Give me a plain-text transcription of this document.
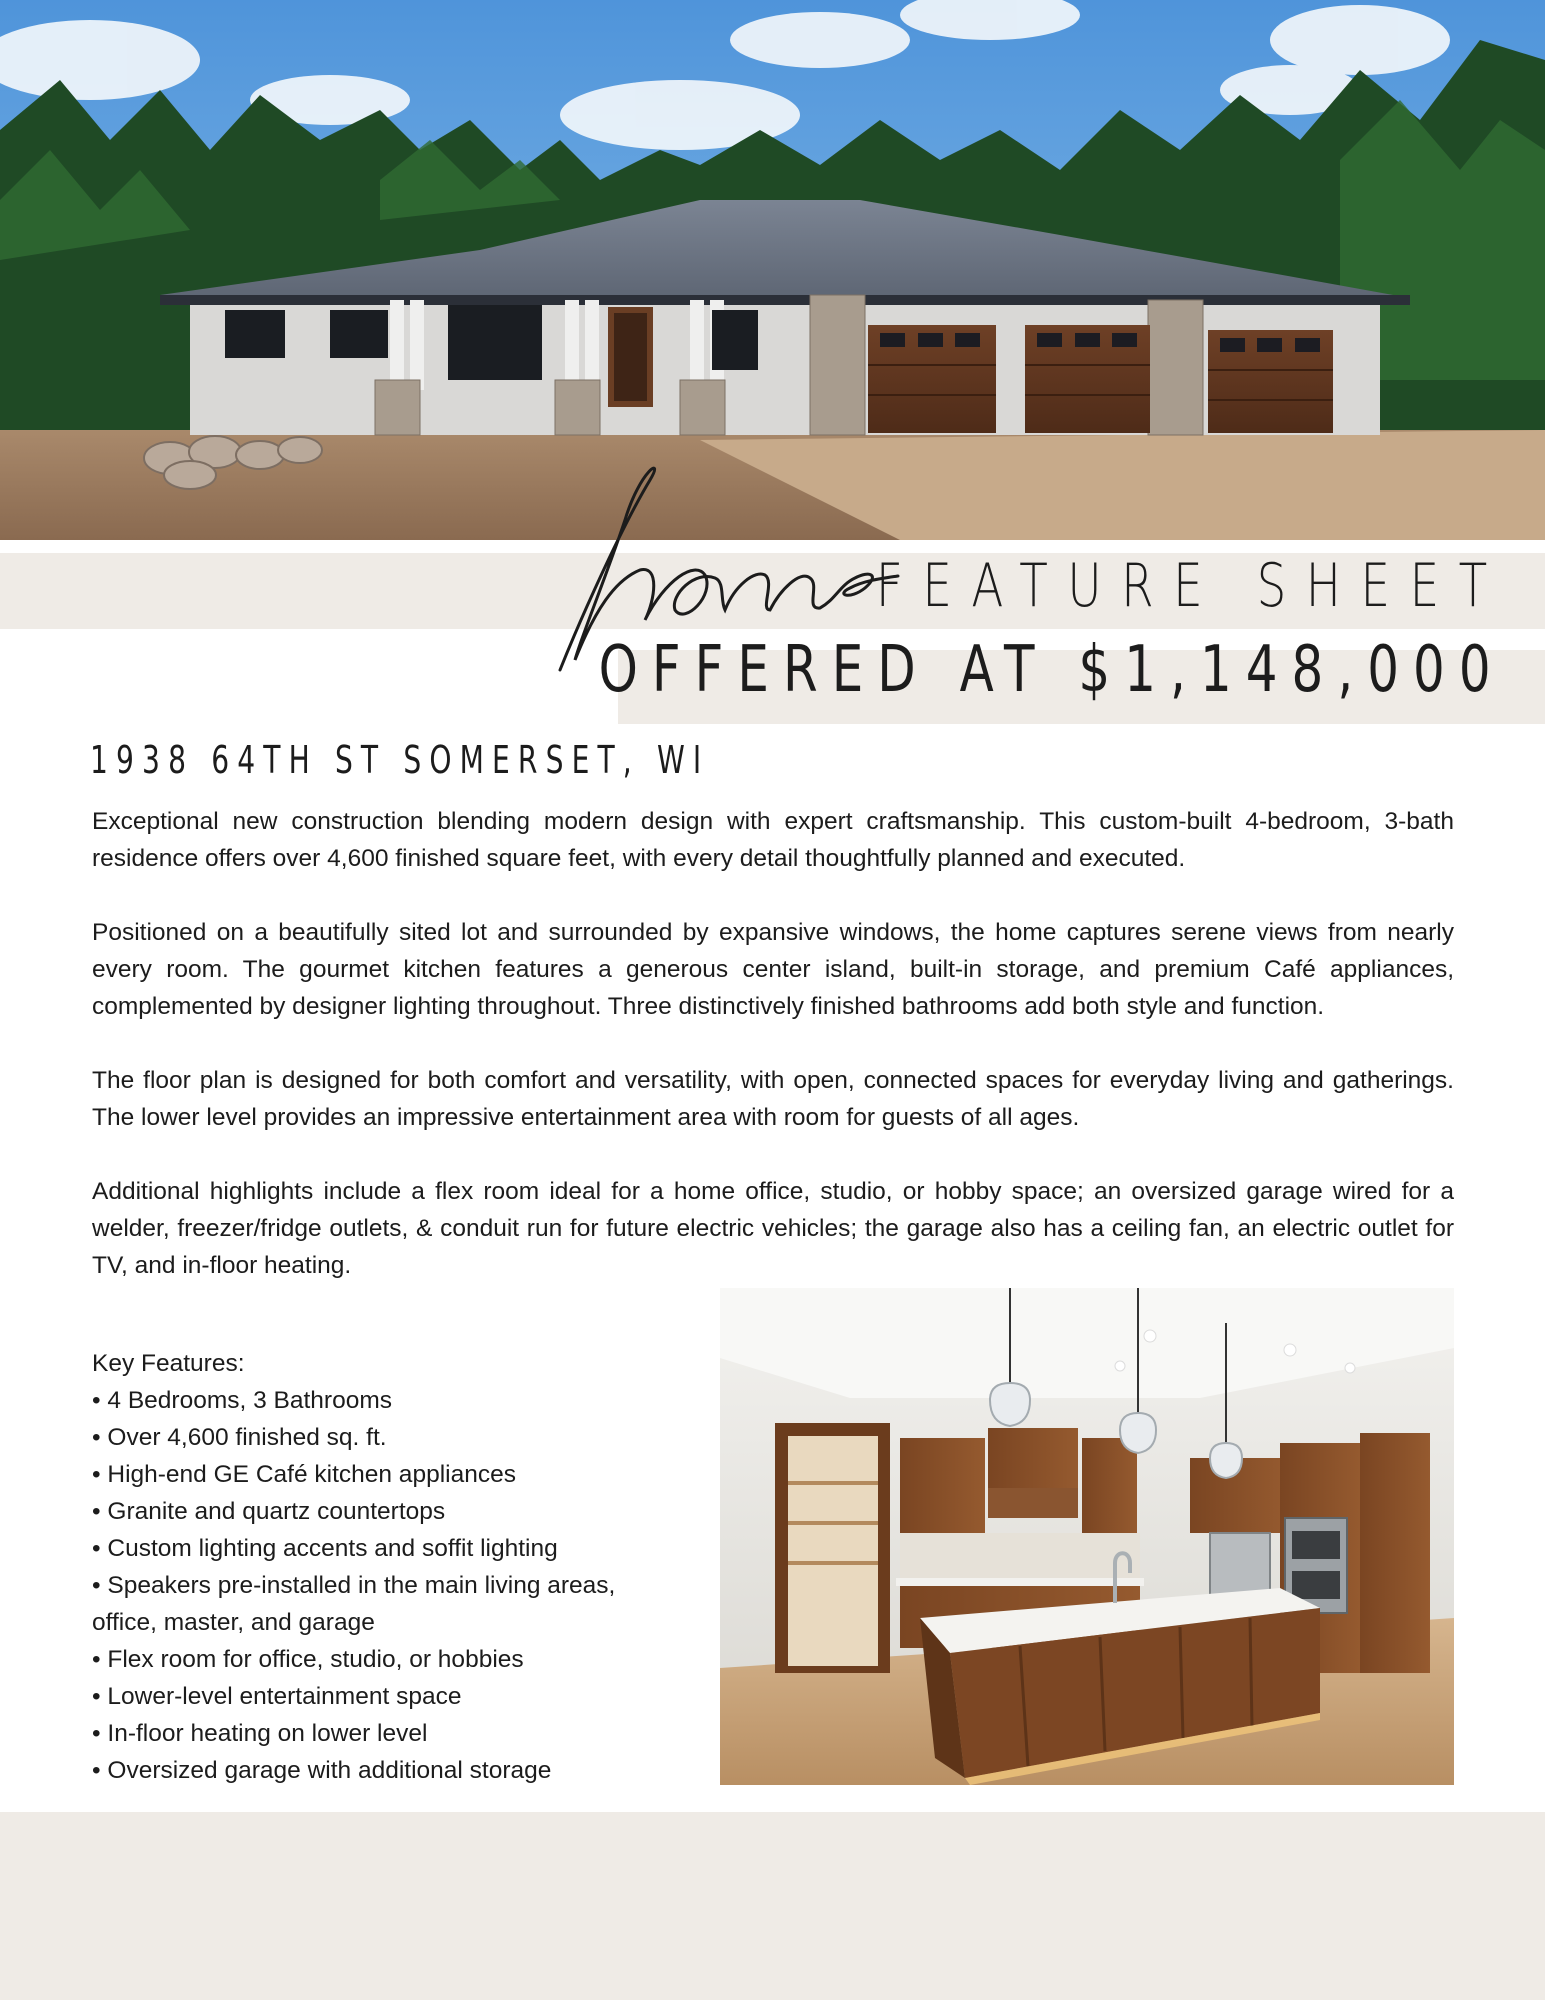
FEATURE SHEET
OFFERED AT $1,148,000
1938 64TH ST SOMERSET, WI

Exceptional new construction blending modern design with expert craftsmanship. This custom-built 4-bedroom, 3-bath residence offers over 4,600 finished square feet, with every detail thoughtfully planned and executed.

Positioned on a beautifully sited lot and surrounded by expansive windows, the home captures serene views from nearly every room. The gourmet kitchen features a generous center island, built-in storage, and premium Café appliances, complemented by designer lighting throughout. Three distinctively finished bathrooms add both style and function.

The floor plan is designed for both comfort and versatility, with open, connected spaces for everyday living and gatherings. The lower level provides an impressive entertainment area with room for guests of all ages.

Additional highlights include a flex room ideal for a home office, studio, or hobby space; an oversized garage wired for a welder, freezer/fridge outlets, & conduit run for future electric vehicles; the garage also has a ceiling fan, an electric outlet for TV, and in-floor heating.

Key Features:
• 4 Bedrooms, 3 Bathrooms
• Over 4,600 finished sq. ft.
• High-end GE Café kitchen appliances
• Granite and quartz countertops
• Custom lighting accents and soffit lighting
• Speakers pre-installed in the main living areas,
office, master, and garage
• Flex room for office, studio, or hobbies
• Lower-level entertainment space
• In-floor heating on lower level
• Oversized garage with additional storage
